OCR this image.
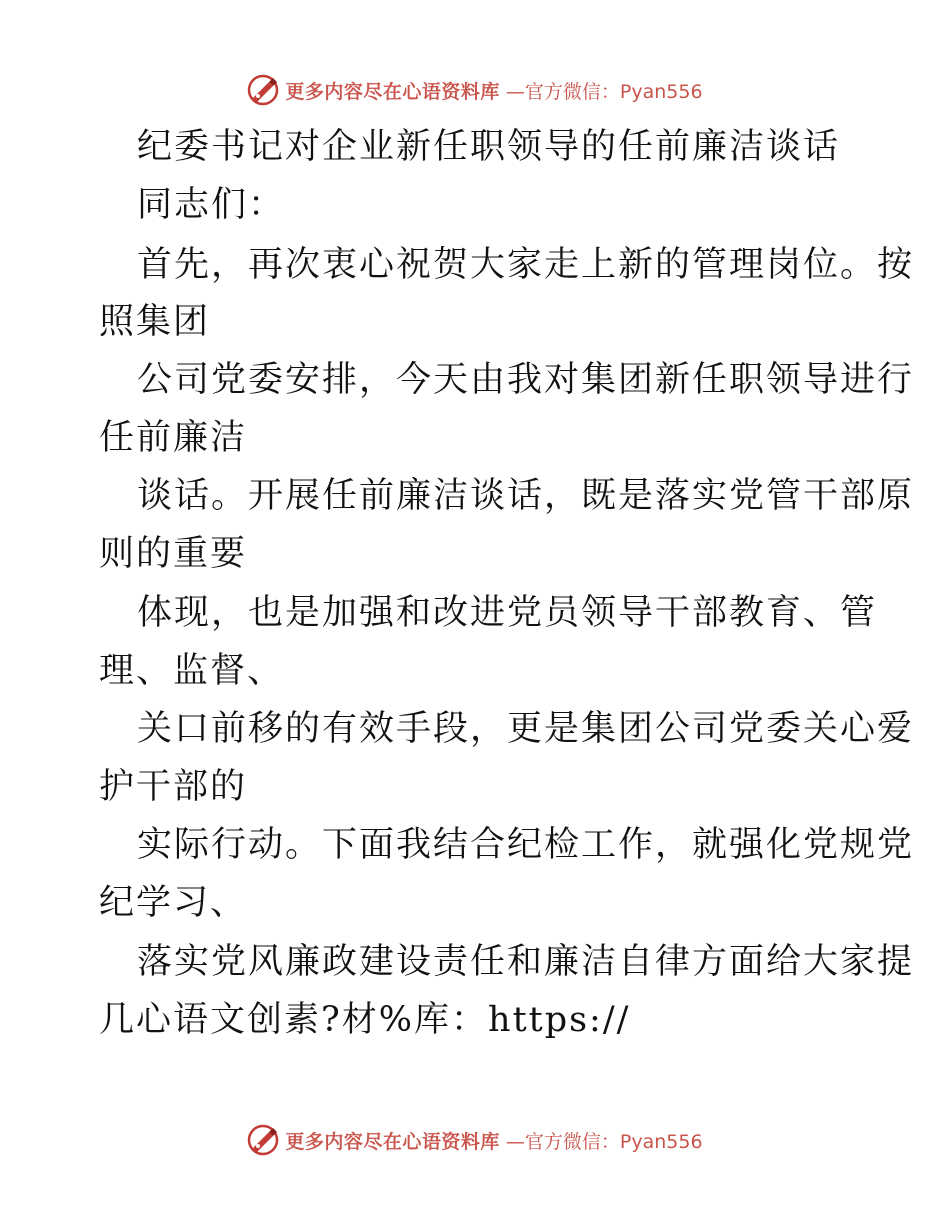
更多内容尽在心语资料库 —官方微信：Pyan556

纪委书记对企业新任职领导的任前廉洁谈话

同志们：

首先，再次衷心祝贺大家走上新的管理岗位。按

照集团

公司党委安排，今天由我对集团新任职领导进行

任前廉洁

谈话。开展任前廉洁谈话，既是落实党管干部原

则的重要

体现，也是加强和改进党员领导干部教育、管

理、监督、

关口前移的有效手段，更是集团公司党委关心爱

护干部的

实际行动。下面我结合纪检工作，就强化党规党

纪学习、

落实党风廉政建设责任和廉洁自律方面给大家提

几心语文创素?材%库：https://

更多内容尽在心语资料库 —官方微信：Pyan556
